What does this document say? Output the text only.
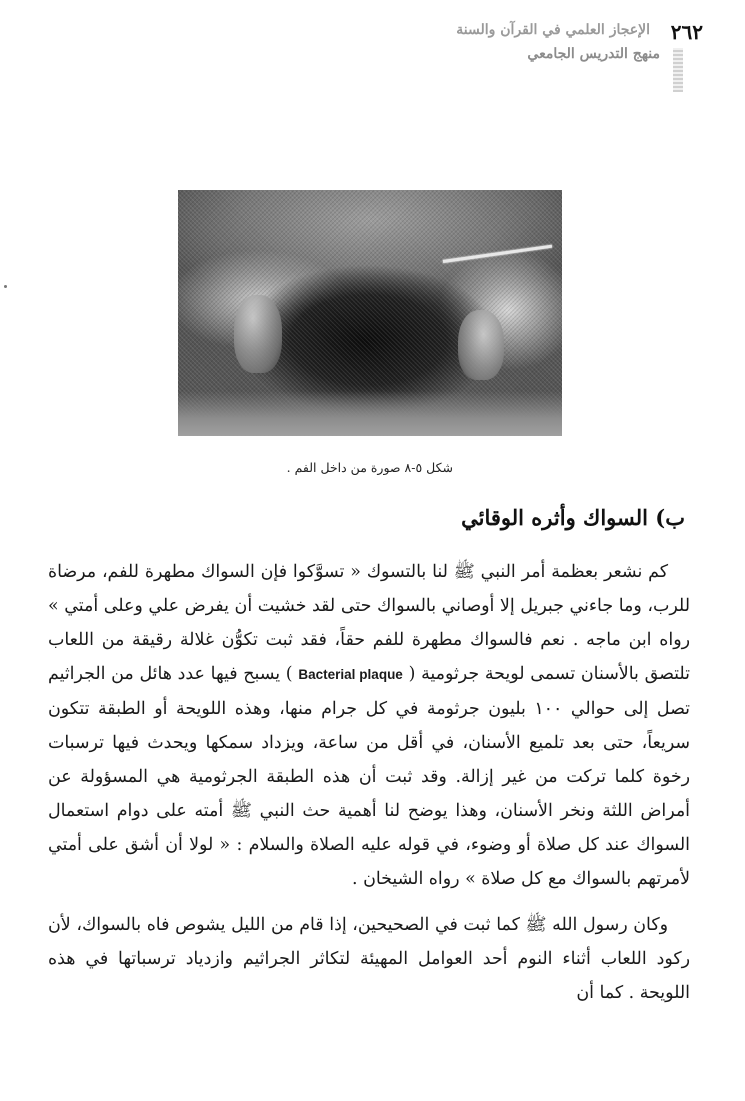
٢٦٢
الإعجاز العلمي في القرآن والسنة
منهج التدريس الجامعي
شكل ٥-٨ صورة من داخل الفم .
ب) السواك وأثره الوقائي

كم نشعر بعظمة أمر النبي ﷺ لنا بالتسوك « تسوَّكوا فإن السواك مطهرة للفم، مرضاة للرب، وما جاءني جبريل إلا أوصاني بالسواك حتى لقد خشيت أن يفرض علي وعلى أمتي » رواه ابن ماجه . نعم فالسواك مطهرة للفم حقاً، فقد ثبت تكوُّن غلالة رقيقة من اللعاب تلتصق بالأسنان تسمى لويحة جرثومية ( Bacterial plaque ) يسبح فيها عدد هائل من الجراثيم تصل إلى حوالي ١٠٠ بليون جرثومة في كل جرام منها، وهذه اللويحة أو الطبقة تتكون سريعاً، حتى بعد تلميع الأسنان، في أقل من ساعة، ويزداد سمكها ويحدث فيها ترسبات رخوة كلما تركت من غير إزالة. وقد ثبت أن هذه الطبقة الجرثومية هي المسؤولة عن أمراض اللثة ونخر الأسنان، وهذا يوضح لنا أهمية حث النبي ﷺ أمته على دوام استعمال السواك عند كل صلاة أو وضوء، في قوله عليه الصلاة والسلام : « لولا أن أشق على أمتي لأمرتهم بالسواك مع كل صلاة » رواه الشيخان .

وكان رسول الله ﷺ كما ثبت في الصحيحين، إذا قام من الليل يشوص فاه بالسواك، لأن ركود اللعاب أثناء النوم أحد العوامل المهيئة لتكاثر الجراثيم وازدياد ترسباتها في هذه اللويحة . كما أن
